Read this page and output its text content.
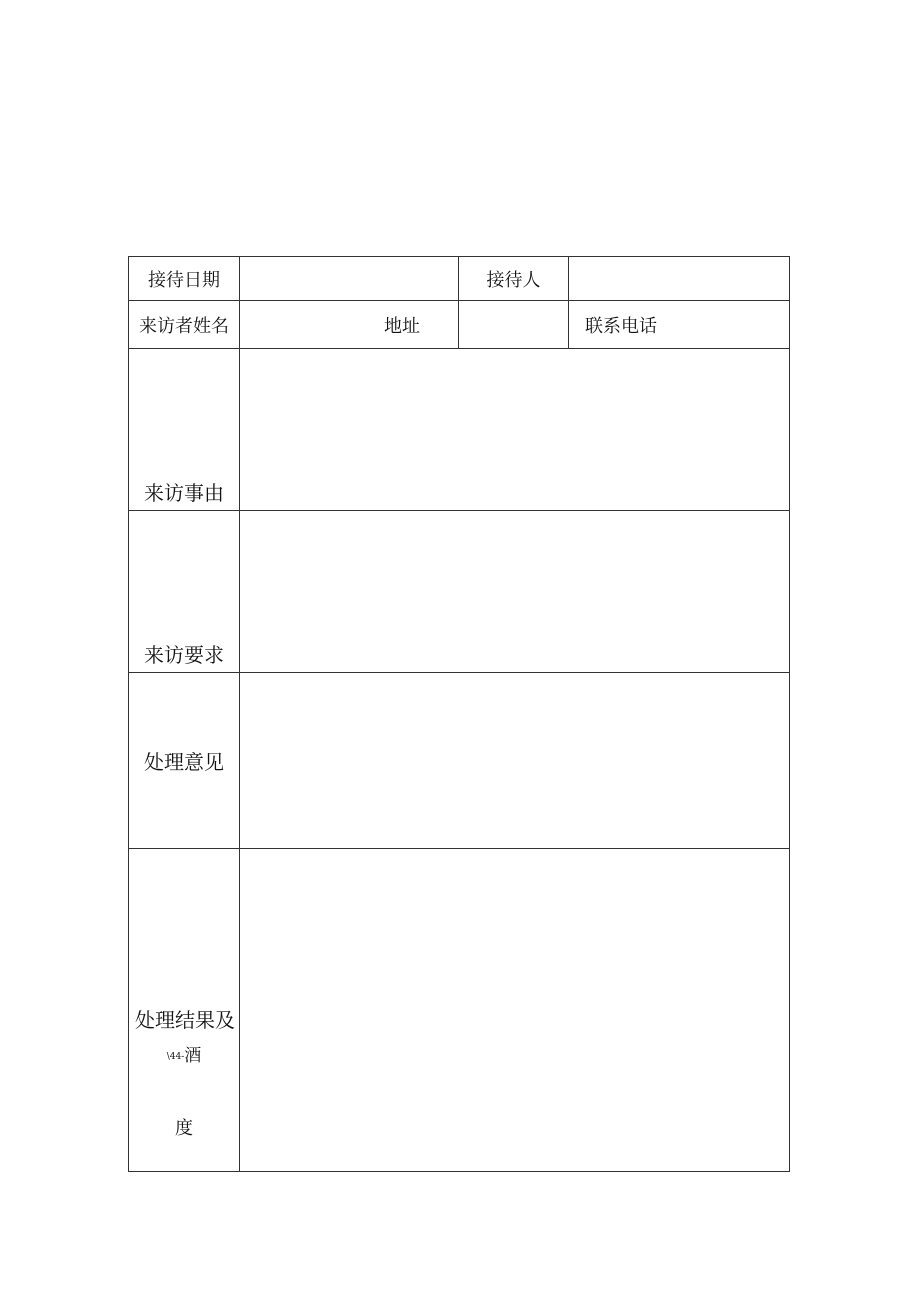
接待日期		接待人	
来访者姓名	地址		联系电话
来访事由			
来访要求			
处理意见			

处理结果及
\44-酒
度			
